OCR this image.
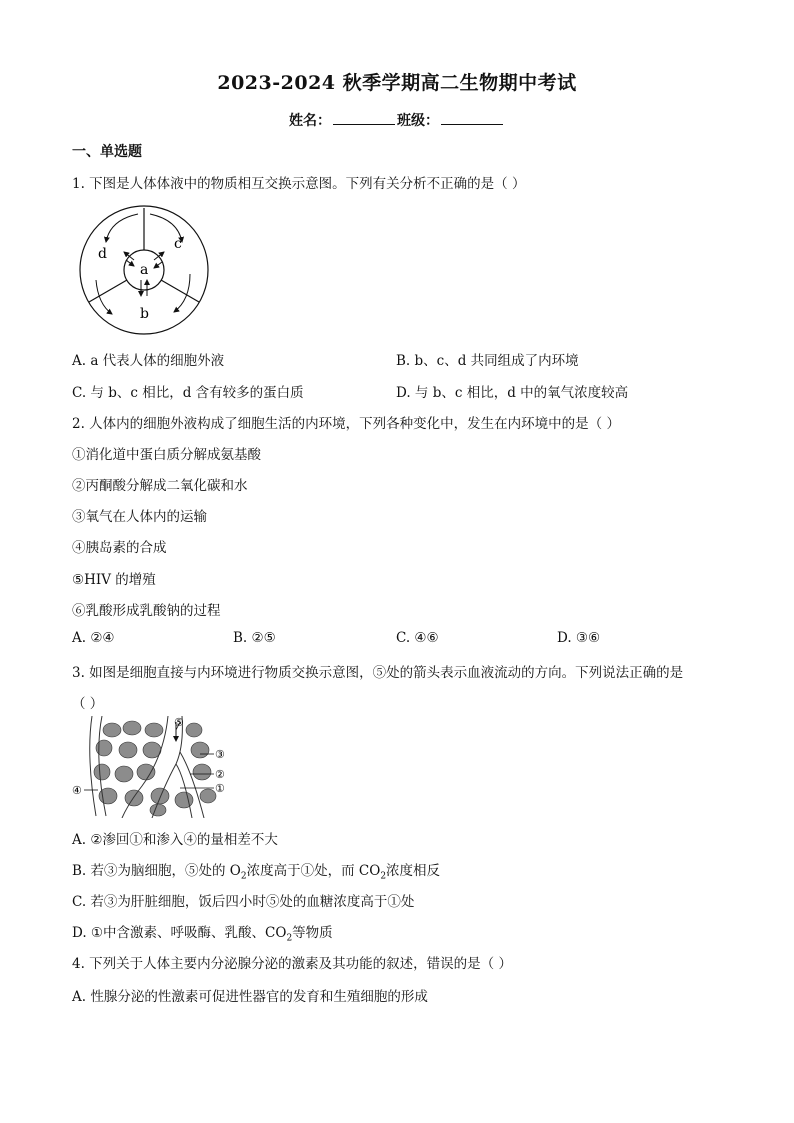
2023-2024 秋季学期高二生物期中考试
姓名：	班级：
一、单选题
1. 下图是人体体液中的物质相互交换示意图。下列有关分析不正确的是（ ）
a
b
c
d
A. a 代表人体的细胞外液	B. b、c、d 共同组成了内环境
C. 与 b、c 相比，d 含有较多的蛋白质	D. 与 b、c 相比，d 中的氧气浓度较高
2. 人体内的细胞外液构成了细胞生活的内环境，下列各种变化中，发生在内环境中的是（ ）
①消化道中蛋白质分解成氨基酸
②丙酮酸分解成二氧化碳和水
③氧气在人体内的运输
④胰岛素的合成
⑤HIV 的增殖
⑥乳酸形成乳酸钠的过程
A. ②④	B. ②⑤	C. ④⑥	D. ③⑥
3. 如图是细胞直接与内环境进行物质交换示意图，⑤处的箭头表示血液流动的方向。下列说法正确的是
（ ）
⑤
③
②
①
④
A. ②渗回①和渗入④的量相差不大
B. 若③为脑细胞，⑤处的 $O_2$浓度高于①处，而 $CO_2$浓度相反
C. 若③为肝脏细胞，饭后四小时⑤处的血糖浓度高于①处
D. ①中含激素、呼吸酶、乳酸、$CO_2$等物质
4. 下列关于人体主要内分泌腺分泌的激素及其功能的叙述，错误的是（ ）
A. 性腺分泌的性激素可促进性器官的发育和生殖细胞的形成
